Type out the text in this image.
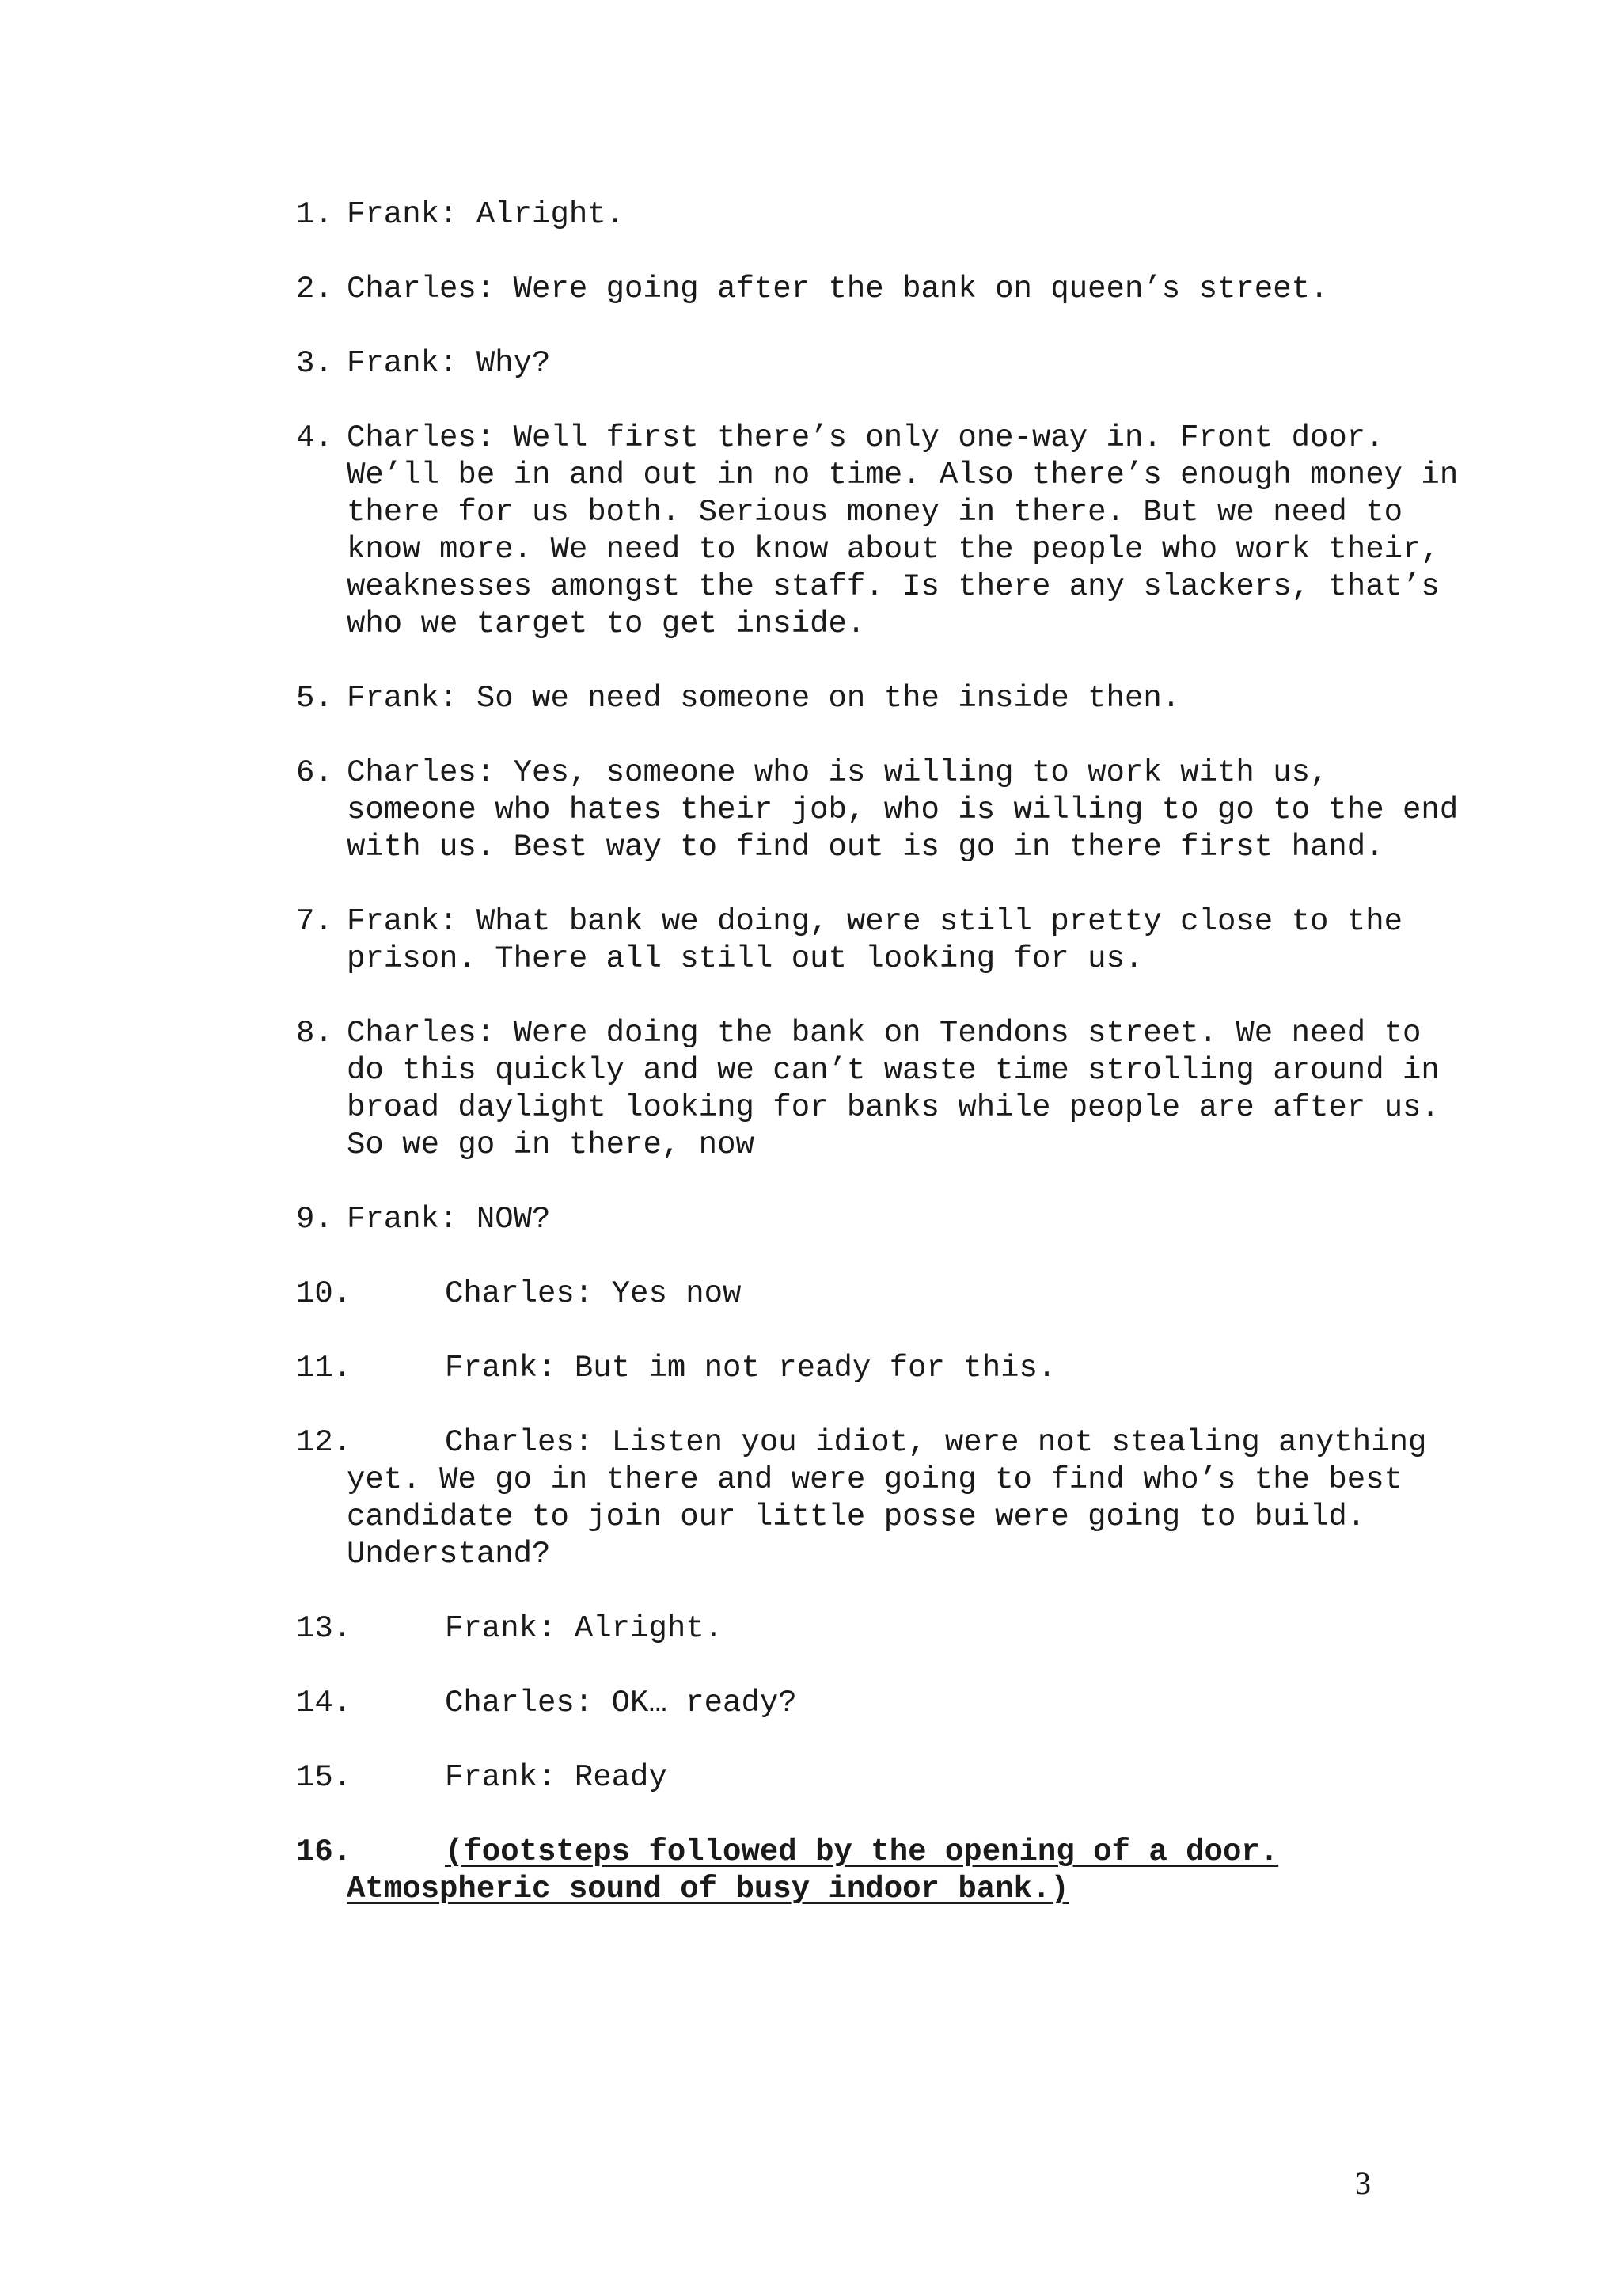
1. Frank: Alright.
2. Charles: Were going after the bank on queen’s street.
3. Frank: Why?
4. Charles: Well first there’s only one-way in. Front door. We’ll be in and out in no time. Also there’s enough money in there for us both. Serious money in there. But we need to know more. We need to know about the people who work their, weaknesses amongst the staff. Is there any slackers, that’s who we target to get inside.
5. Frank: So we need someone on the inside then.
6. Charles: Yes, someone who is willing to work with us, someone who hates their job, who is willing to go to the end with us. Best way to find out is go in there first hand.
7. Frank: What bank we doing, were still pretty close to the prison. There all still out looking for us.
8. Charles: Were doing the bank on Tendons street. We need to do this quickly and we can’t waste time strolling around in broad daylight looking for banks while people are after us. So we go in there, now
9. Frank: NOW?
10.	Charles: Yes now
11.	Frank: But im not ready for this.
12.	Charles: Listen you idiot, were not stealing anything yet. We go in there and were going to find who’s the best candidate to join our little posse were going to build. Understand?
13.	Frank: Alright.
14.	Charles: OK… ready?
15.	Frank: Ready
16.	(footsteps followed by the opening of a door. Atmospheric sound of busy indoor bank.)
3
